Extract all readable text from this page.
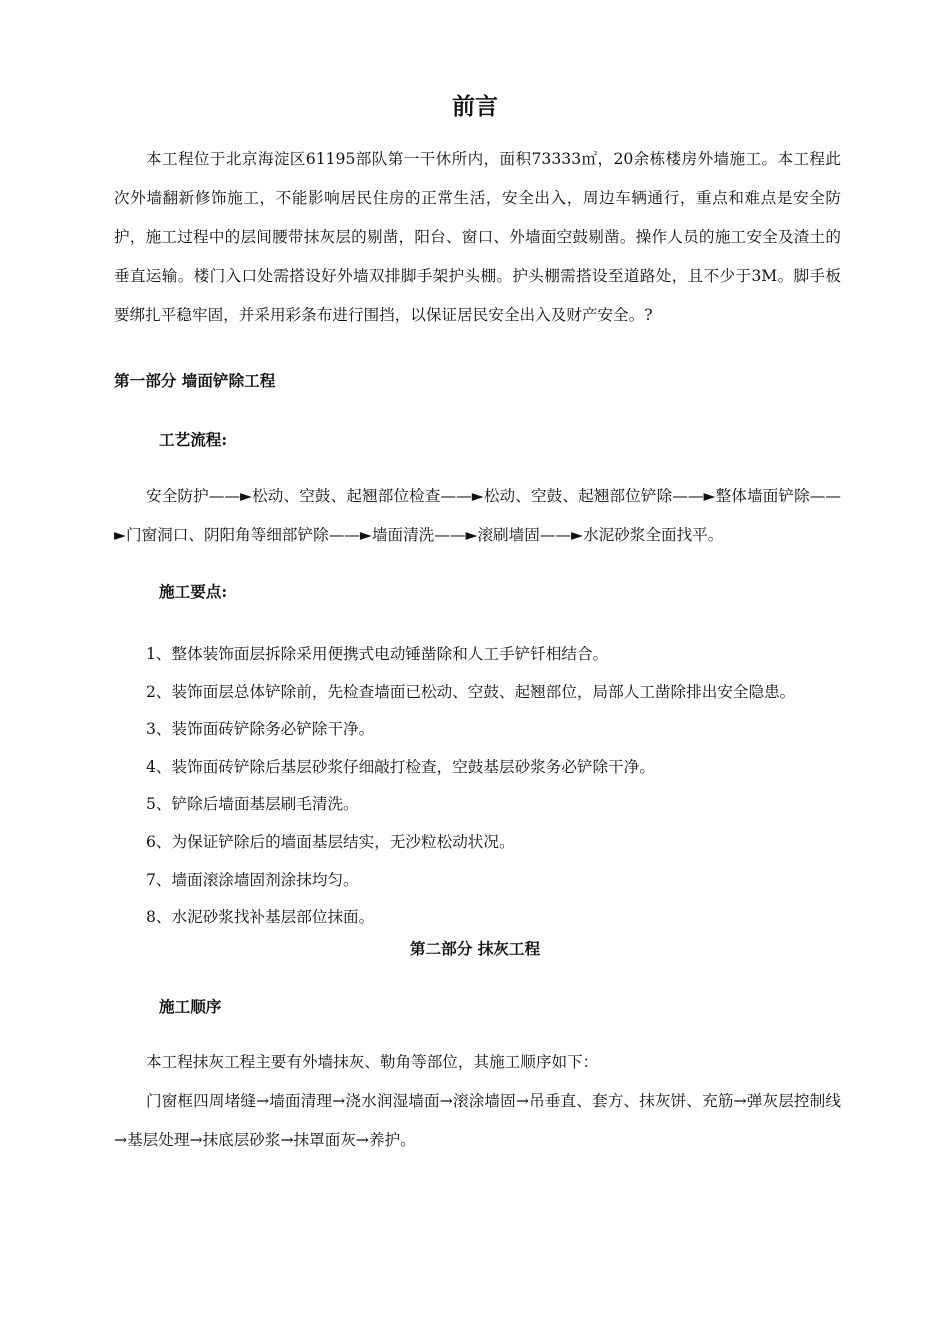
前言

本工程位于北京海淀区61195部队第一干休所内，面积73333㎡，20余栋楼房外墙施工。本工程此次外墙翻新修饰施工，不能影响居民住房的正常生活，安全出入，周边车辆通行，重点和难点是安全防护，施工过程中的层间腰带抹灰层的剔凿，阳台、窗口、外墙面空鼓剔凿。操作人员的施工安全及渣土的垂直运输。楼门入口处需搭设好外墙双排脚手架护头棚。护头棚需搭设至道路处，且不少于3M。脚手板要绑扎平稳牢固，并采用彩条布进行围挡，以保证居民安全出入及财产安全。?

第一部分 墙面铲除工程

工艺流程:

安全防护——►松动、空鼓、起翘部位检查——►松动、空鼓、起翘部位铲除——►整体墙面铲除——►门窗洞口、阴阳角等细部铲除——►墙面清洗——►滚刷墙固——►水泥砂浆全面找平。

施工要点:

1、整体装饰面层拆除采用便携式电动锤凿除和人工手铲钎相结合。
2、装饰面层总体铲除前，先检查墙面已松动、空鼓、起翘部位，局部人工凿除排出安全隐患。
3、装饰面砖铲除务必铲除干净。
4、装饰面砖铲除后基层砂浆仔细敲打检查，空鼓基层砂浆务必铲除干净。
5、铲除后墙面基层刷毛清洗。
6、为保证铲除后的墙面基层结实，无沙粒松动状况。
7、墙面滚涂墙固剂涂抹均匀。
8、水泥砂浆找补基层部位抹面。

第二部分 抹灰工程

施工顺序

本工程抹灰工程主要有外墙抹灰、勒角等部位，其施工顺序如下：

门窗框四周堵缝→墙面清理→浇水润湿墙面→滚涂墙固→吊垂直、套方、抹灰饼、充筋→弹灰层控制线→基层处理→抹底层砂浆→抹罩面灰→养护。
